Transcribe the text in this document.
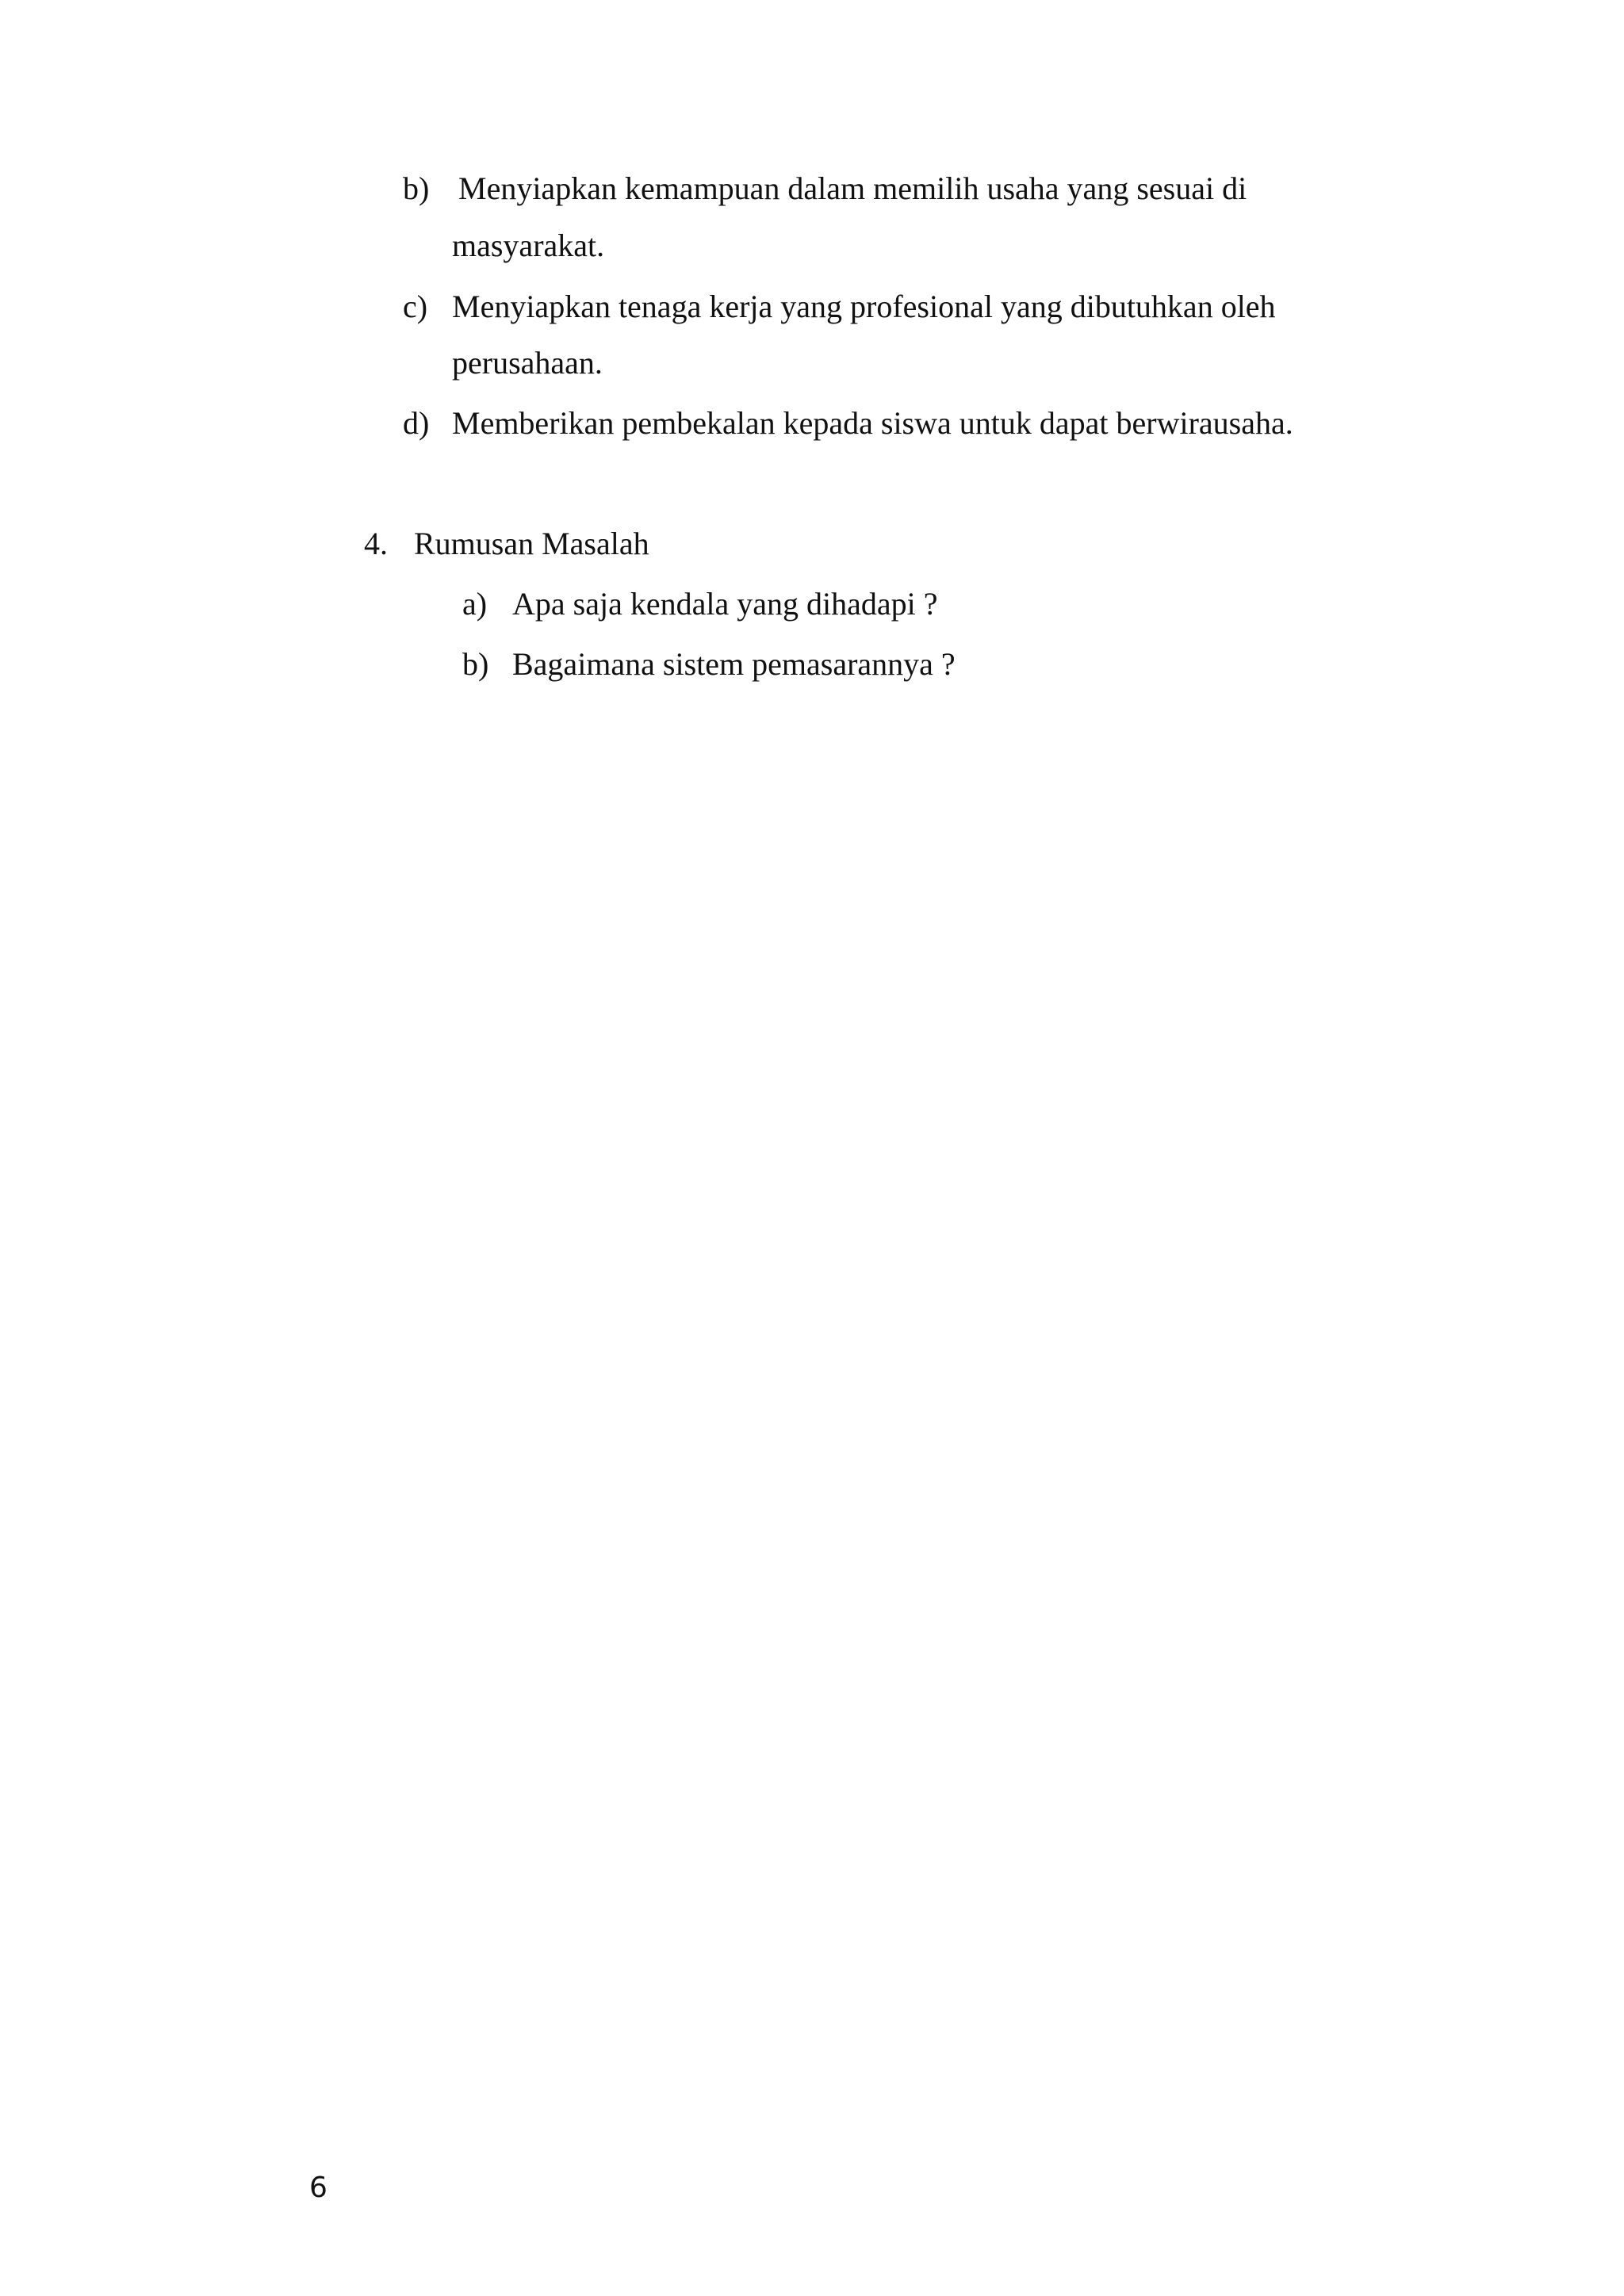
b) Menyiapkan kemampuan dalam memilih usaha yang sesuai di
masyarakat.
c) Menyiapkan tenaga kerja yang profesional yang dibutuhkan oleh
perusahaan.
d) Memberikan pembekalan kepada siswa untuk dapat berwirausaha.
4. Rumusan Masalah
a) Apa saja kendala yang dihadapi ?
b) Bagaimana sistem pemasarannya ?
6
